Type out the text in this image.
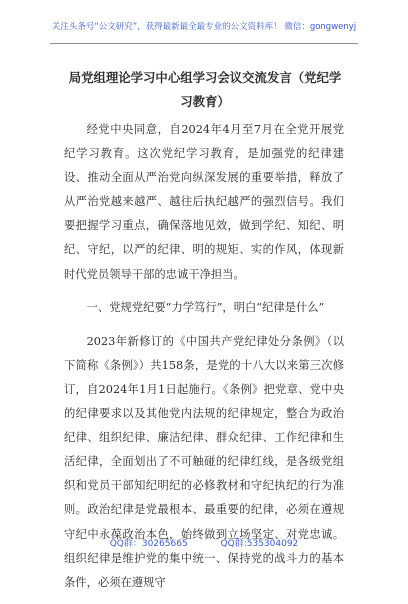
关注头条号“公文研究”，获得最新最全最专业的公文资料库！ 微信：gongwenyj
局党组理论学习中心组学习会议交流发言（党纪学习教育）

经党中央同意，自2024年4月至7月在全党开展党纪学习教育。这次党纪学习教育，是加强党的纪律建设、推动全面从严治党向纵深发展的重要举措，释放了从严治党越来越严、越往后执纪越严的强烈信号。我们要把握学习重点，确保落地见效，做到学纪、知纪、明纪、守纪，以严的纪律、明的规矩、实的作风，体现新时代党员领导干部的忠诚干净担当。

一、党规党纪要“力学笃行”，明白“纪律是什么”

2023年新修订的《中国共产党纪律处分条例》（以下简称《条例》）共158条，是党的十八大以来第三次修订，自2024年1月1日起施行。《条例》把党章、党中央的纪律要求以及其他党内法规的纪律规定，整合为政治纪律、组织纪律、廉洁纪律、群众纪律、工作纪律和生活纪律，全面划出了不可触碰的纪律红线，是各级党组织和党员干部知纪明纪的必修教材和守纪执纪的行为准则。政治纪律是党最根本、最重要的纪律，必须在遵规守纪中永葆政治本色，始终做到立场坚定、对党忠诚。组织纪律是维护党的集中统一、保持党的战斗力的基本条件，必须在遵规守

QQ群：30265665	QQ群:535304092
